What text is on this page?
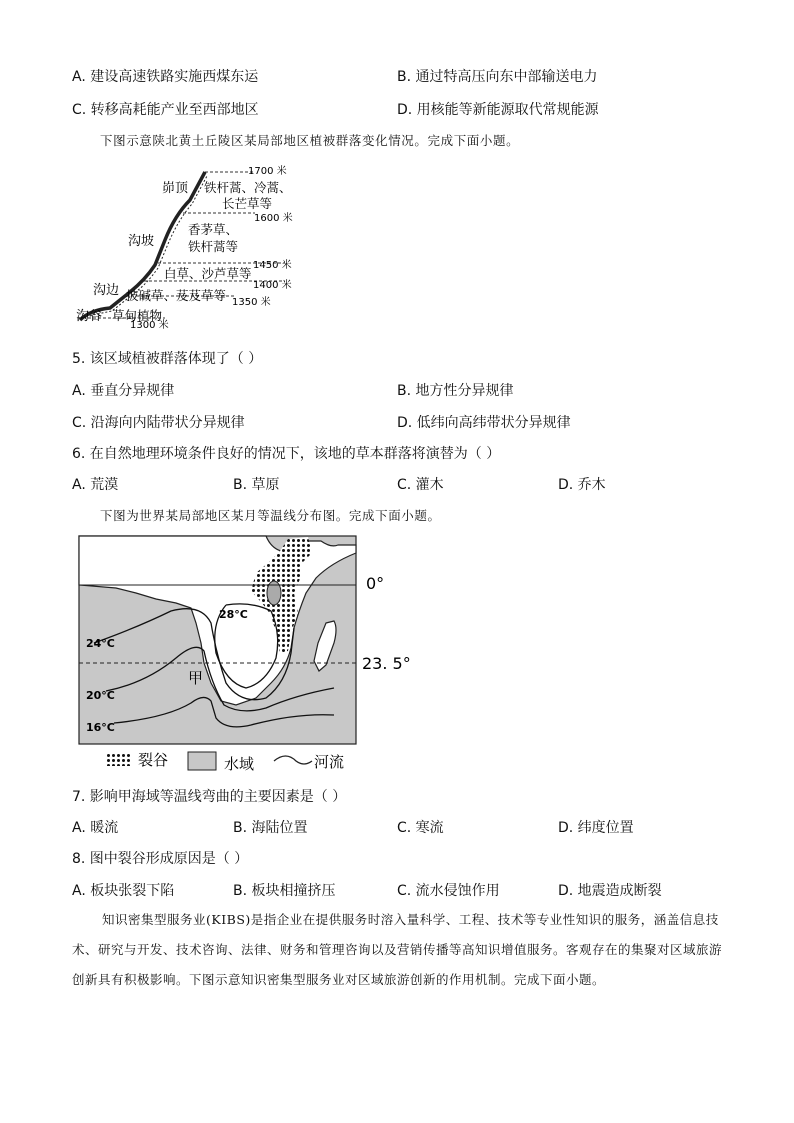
A. 建设高速铁路实施西煤东运	B. 通过特高压向东中部输送电力
C. 转移高耗能产业至西部地区	D. 用核能等新能源取代常规能源
下图示意陕北黄土丘陵区某局部地区植被群落变化情况。完成下面小题。
1700 米
1600 米
1450 米
1400 米
1350 米
1300 米
峁顶
沟坡
沟边
沟谷
铁杆蒿、冷蒿、
长芒草等
香茅草、
铁杆蒿等
白草、沙芦草等
披碱草、 芨芨草等
草甸植物
5. 该区域植被群落体现了（ ）
A. 垂直分异规律	B. 地方性分异规律
C. 沿海向内陆带状分异规律	D. 低纬向高纬带状分异规律
6. 在自然地理环境条件良好的情况下，该地的草本群落将演替为（ ）
A. 荒漠	B. 草原	C. 灌木	D. 乔木
下图为世界某局部地区某月等温线分布图。完成下面小题。
0°
23. 5°
28°C
24°C
20°C
16°C
甲
裂谷	水域	河流
7. 影响甲海域等温线弯曲的主要因素是（ ）
A. 暖流	B. 海陆位置	C. 寒流	D. 纬度位置
8. 图中裂谷形成原因是（ ）
A. 板块张裂下陷	B. 板块相撞挤压	C. 流水侵蚀作用	D. 地震造成断裂
知识密集型服务业(KIBS)是指企业在提供服务时溶入量科学、工程、技术等专业性知识的服务，涵盖信息技术、研究与开发、技术咨询、法律、财务和管理咨询以及营销传播等高知识增值服务。客观存在的集聚对区域旅游创新具有积极影响。下图示意知识密集型服务业对区域旅游创新的作用机制。完成下面小题。
